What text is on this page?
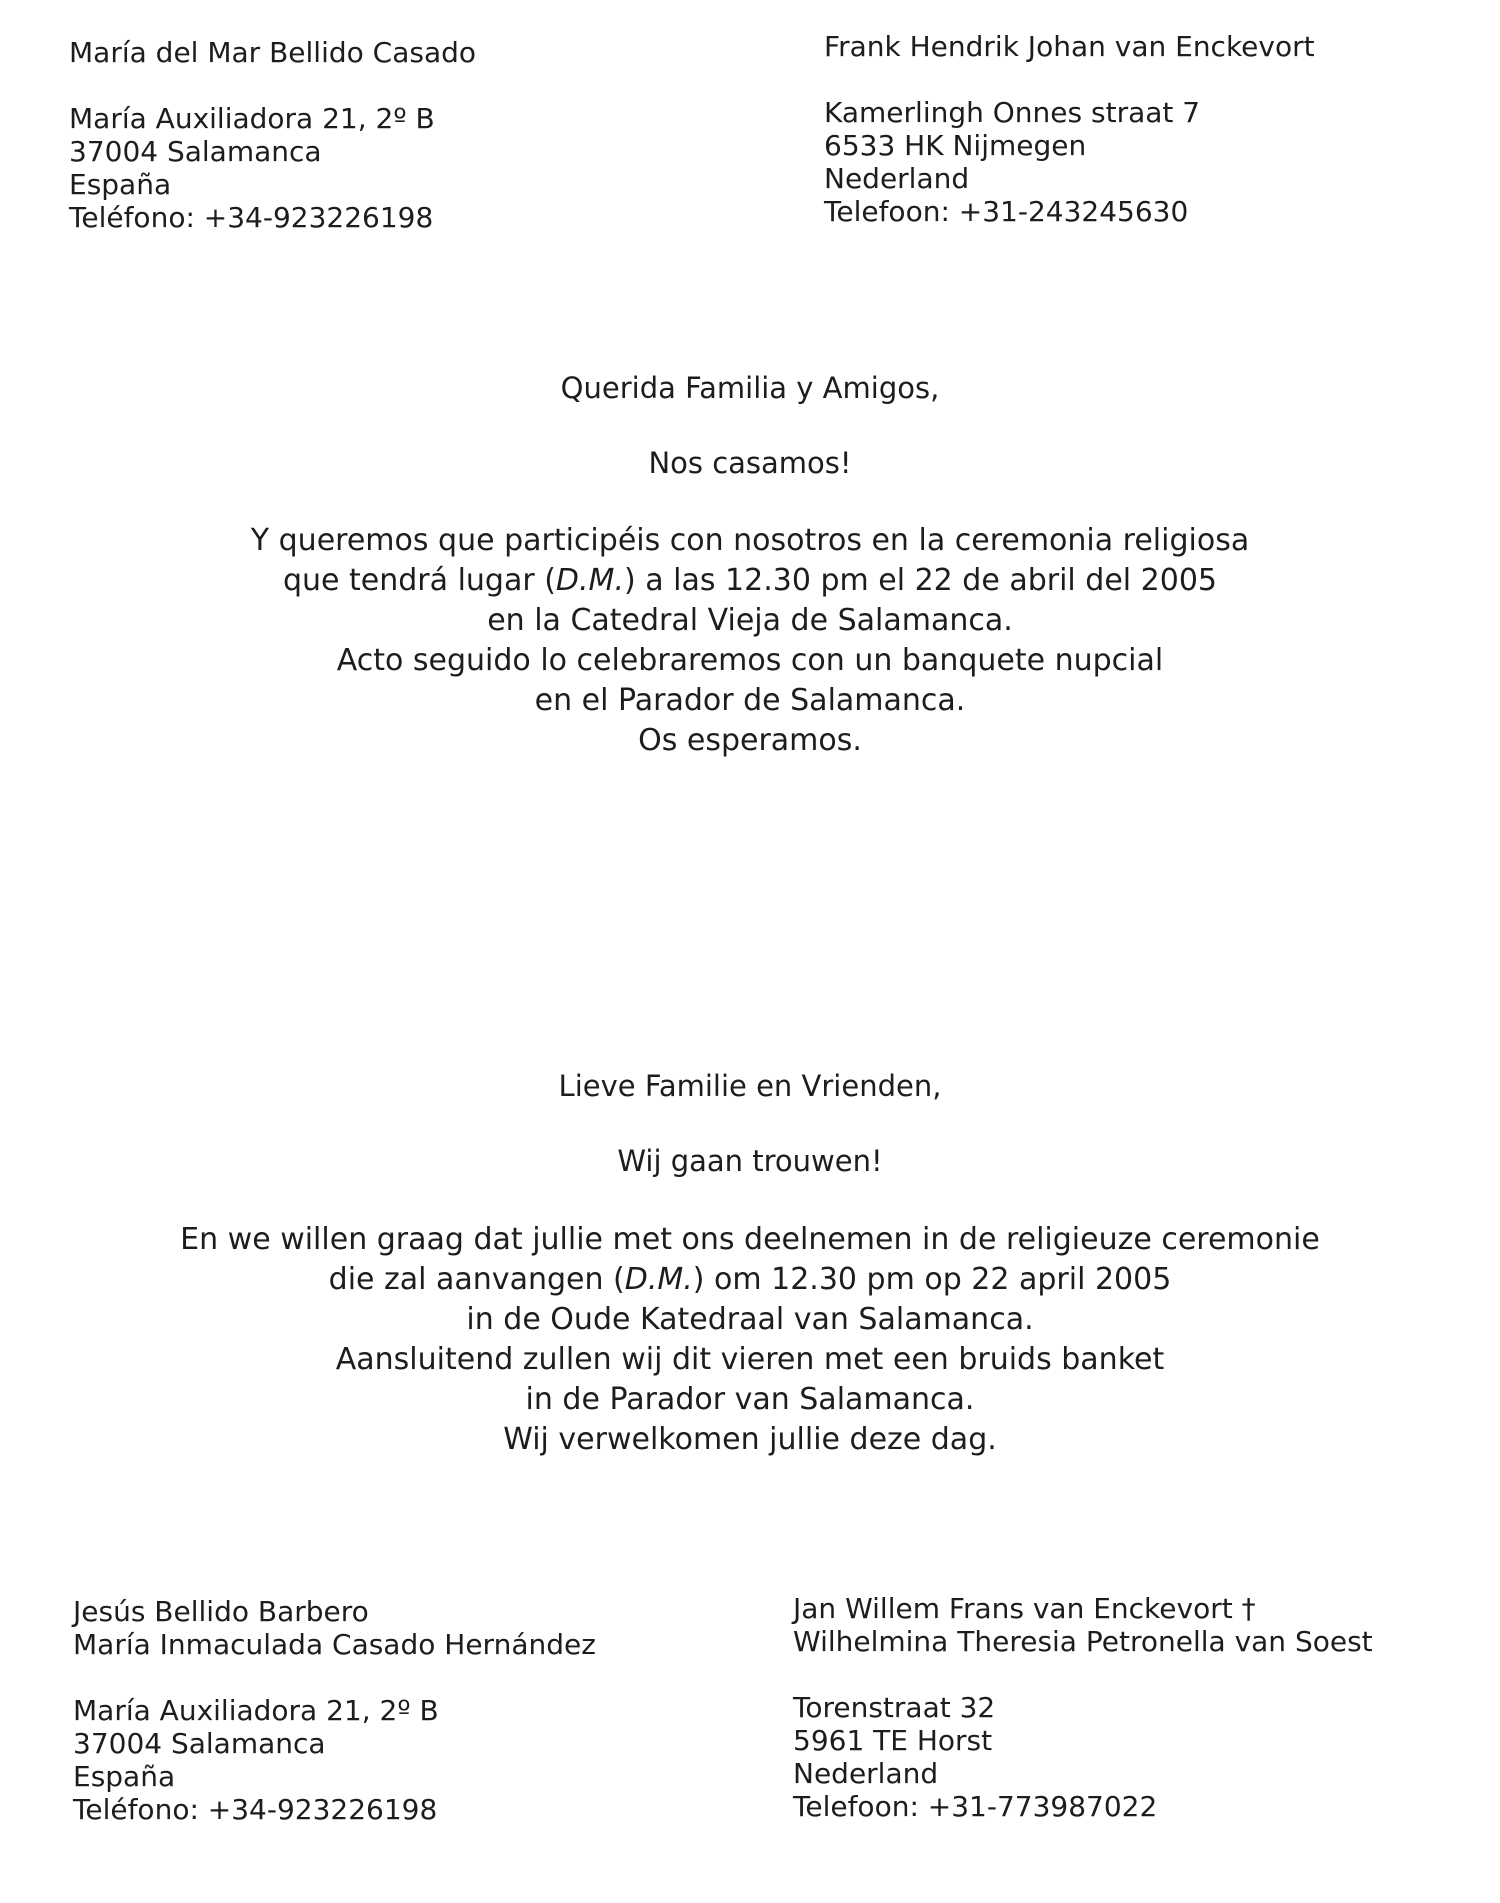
María del Mar Bellido Casado
María Auxiliadora 21, 2º B
37004 Salamanca
España
Teléfono: +34-923226198
Frank Hendrik Johan van Enckevort
Kamerlingh Onnes straat 7
6533 HK Nijmegen
Nederland
Telefoon: +31-243245630
Querida Familia y Amigos,
Nos casamos!
Y queremos que participéis con nosotros en la ceremonia religiosa
que tendrá lugar (D.M.) a las 12.30 pm el 22 de abril del 2005
en la Catedral Vieja de Salamanca.
Acto seguido lo celebraremos con un banquete nupcial
en el Parador de Salamanca.
Os esperamos.
Lieve Familie en Vrienden,
Wij gaan trouwen!
En we willen graag dat jullie met ons deelnemen in de religieuze ceremonie
die zal aanvangen (D.M.) om 12.30 pm op 22 april 2005
in de Oude Katedraal van Salamanca.
Aansluitend zullen wij dit vieren met een bruids banket
in de Parador van Salamanca.
Wij verwelkomen jullie deze dag.
Jesús Bellido Barbero
María Inmaculada Casado Hernández
María Auxiliadora 21, 2º B
37004 Salamanca
España
Teléfono: +34-923226198
Jan Willem Frans van Enckevort †
Wilhelmina Theresia Petronella van Soest
Torenstraat 32
5961 TE Horst
Nederland
Telefoon: +31-773987022
